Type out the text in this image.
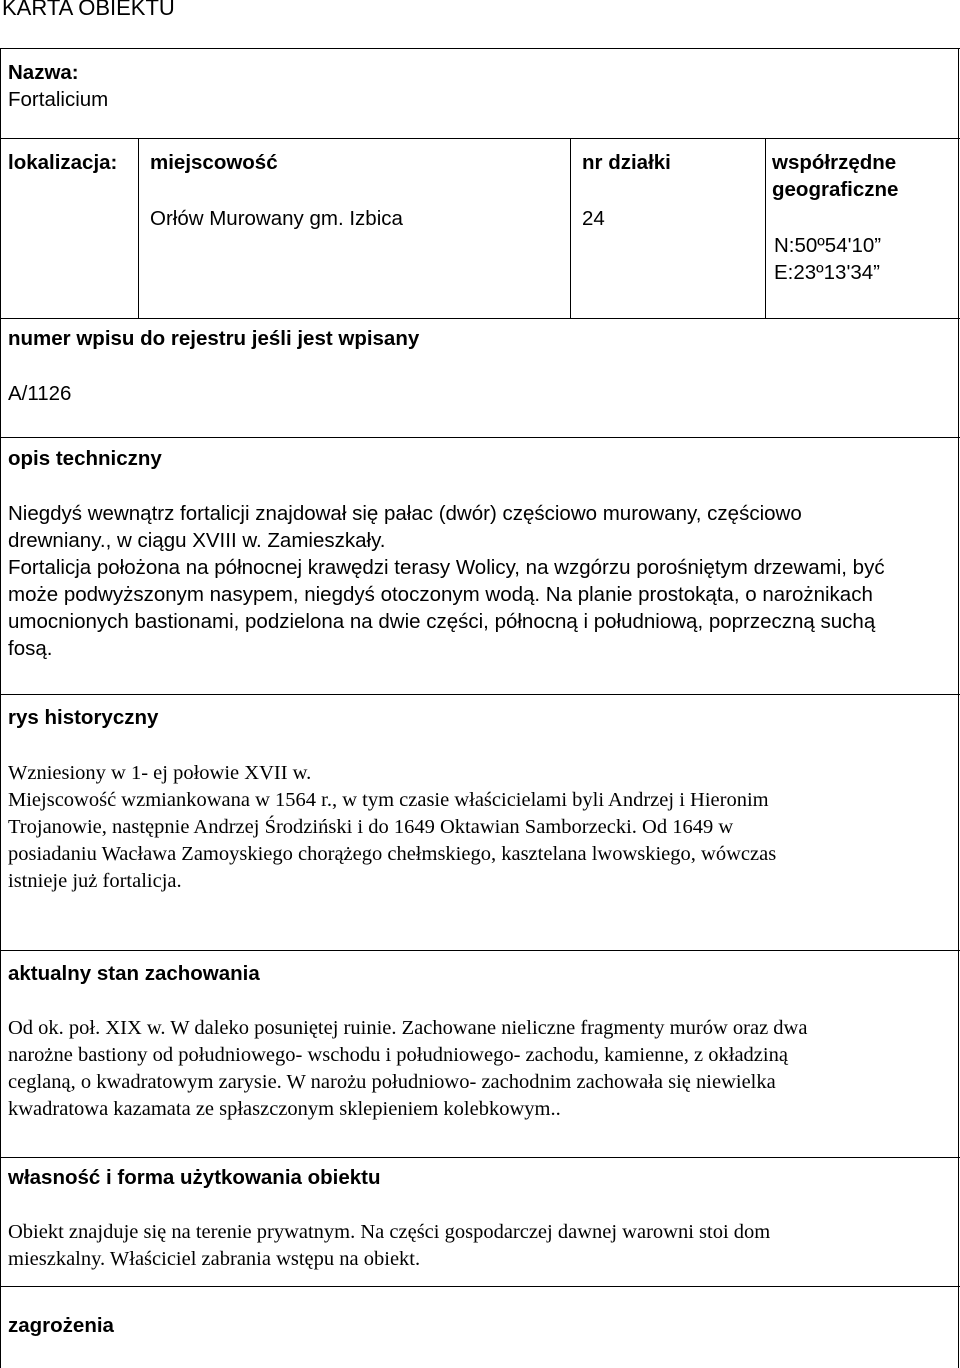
KARTA OBIEKTU

Nazwa:

Fortalicium

lokalizacja: miejscowość

Orłów Murowany gm. Izbica

nr działki

24

współrzędne geograficzne

N:50º54'10”

E:23º13'34”

numer wpisu do rejestru jeśli jest wpisany

A/1126

opis techniczny

Niegdyś wewnątrz fortalicji znajdował się pałac (dwór) częściowo murowany, częściowo

drewniany., w ciągu XVIII w. Zamieszkały.

Fortalicja położona na północnej krawędzi terasy Wolicy, na wzgórzu porośniętym drzewami, być

może podwyższonym nasypem, niegdyś otoczonym wodą. Na planie prostokąta, o narożnikach

umocnionych bastionami, podzielona na dwie części, północną i południową, poprzeczną suchą

fosą.

rys historyczny

Wzniesiony w 1- ej połowie XVII w.

Miejscowość wzmiankowana w 1564 r., w tym czasie właścicielami byli Andrzej i Hieronim

Trojanowie, następnie Andrzej Środziński i do 1649 Oktawian Samborzecki. Od 1649 w

posiadaniu Wacława Zamoyskiego chorążego chełmskiego, kasztelana lwowskiego, wówczas

istnieje już fortalicja.

aktualny stan zachowania

Od ok. poł. XIX w. W daleko posuniętej ruinie. Zachowane nieliczne fragmenty murów oraz dwa

narożne bastiony od południowego- wschodu i południowego- zachodu, kamienne, z okładziną

ceglaną, o kwadratowym zarysie. W narożu południowo- zachodnim zachowała się niewielka

kwadratowa kazamata ze spłaszczonym sklepieniem kolebkowym..

własność i forma użytkowania obiektu

Obiekt znajduje się na terenie prywatnym. Na części gospodarczej dawnej warowni stoi dom

mieszkalny. Właściciel zabrania wstępu na obiekt.

zagrożenia
